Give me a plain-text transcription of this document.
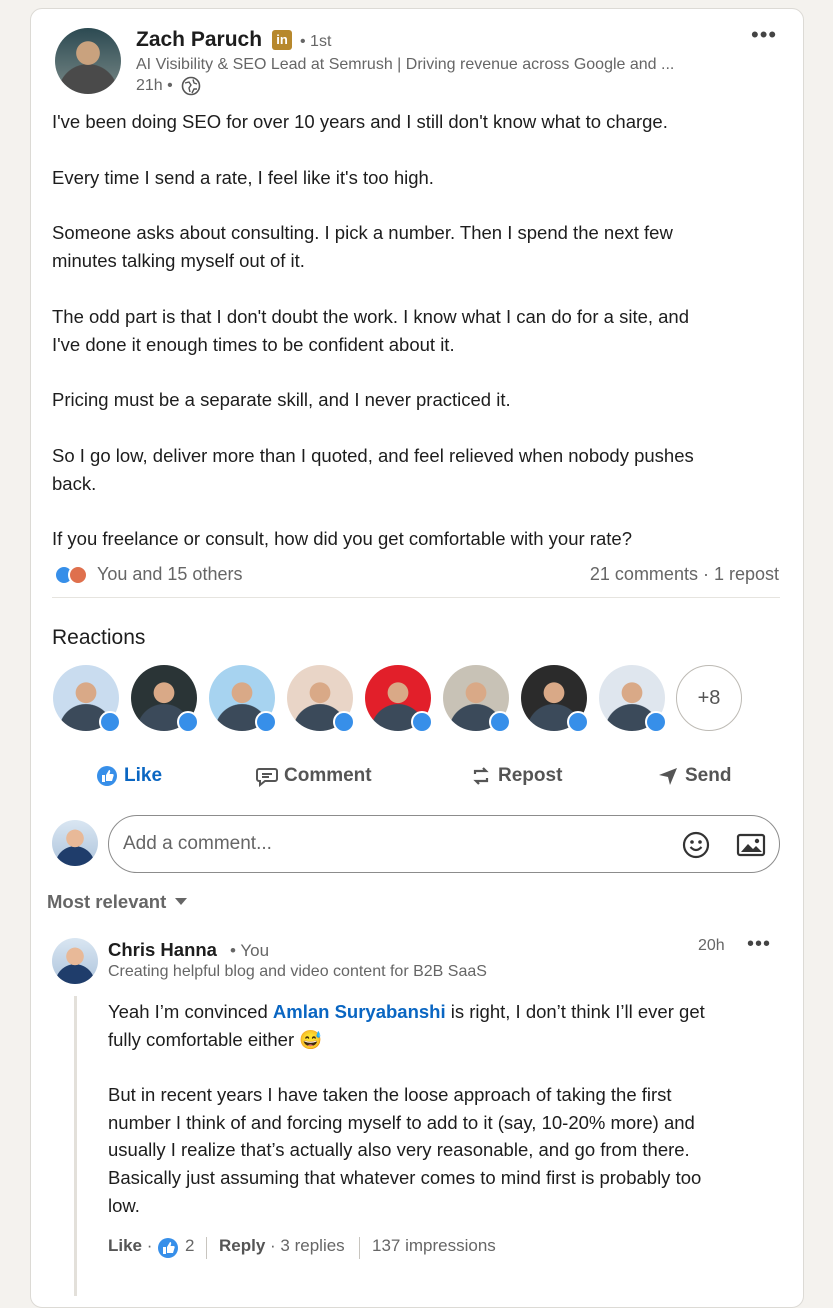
Zach Paruch	in • 1st
AI Visibility & SEO Lead at Semrush | Driving revenue across Google and ...
21h •
•••
I've been doing SEO for over 10 years and I still don't know what to charge.
Every time I send a rate, I feel like it's too high.
Someone asks about consulting. I pick a number. Then I spend the next few
minutes talking myself out of it.
The odd part is that I don't doubt the work. I know what I can do for a site, and
I've done it enough times to be confident about it.
Pricing must be a separate skill, and I never practiced it.
So I go low, deliver more than I quoted, and feel relieved when nobody pushes
back.
If you freelance or consult, how did you get comfortable with your rate?
You and 15 others	21 comments · 1 repost
Reactions
+8
Like	Comment	Repost	Send
Add a comment...
Most relevant
Chris Hanna • You
Creating helpful blog and video content for B2B SaaS
20h •••
Yeah I’m convinced Amlan Suryabanshi is right, I don’t think I’ll ever get
fully comfortable either 😅
But in recent years I have taken the loose approach of taking the first
number I think of and forcing myself to add to it (say, 10-20% more) and
usually I realize that’s actually also very reasonable, and go from there.
Basically just assuming that whatever comes to mind first is probably too
low.
Like · 2 Reply · 3 replies 137 impressions
